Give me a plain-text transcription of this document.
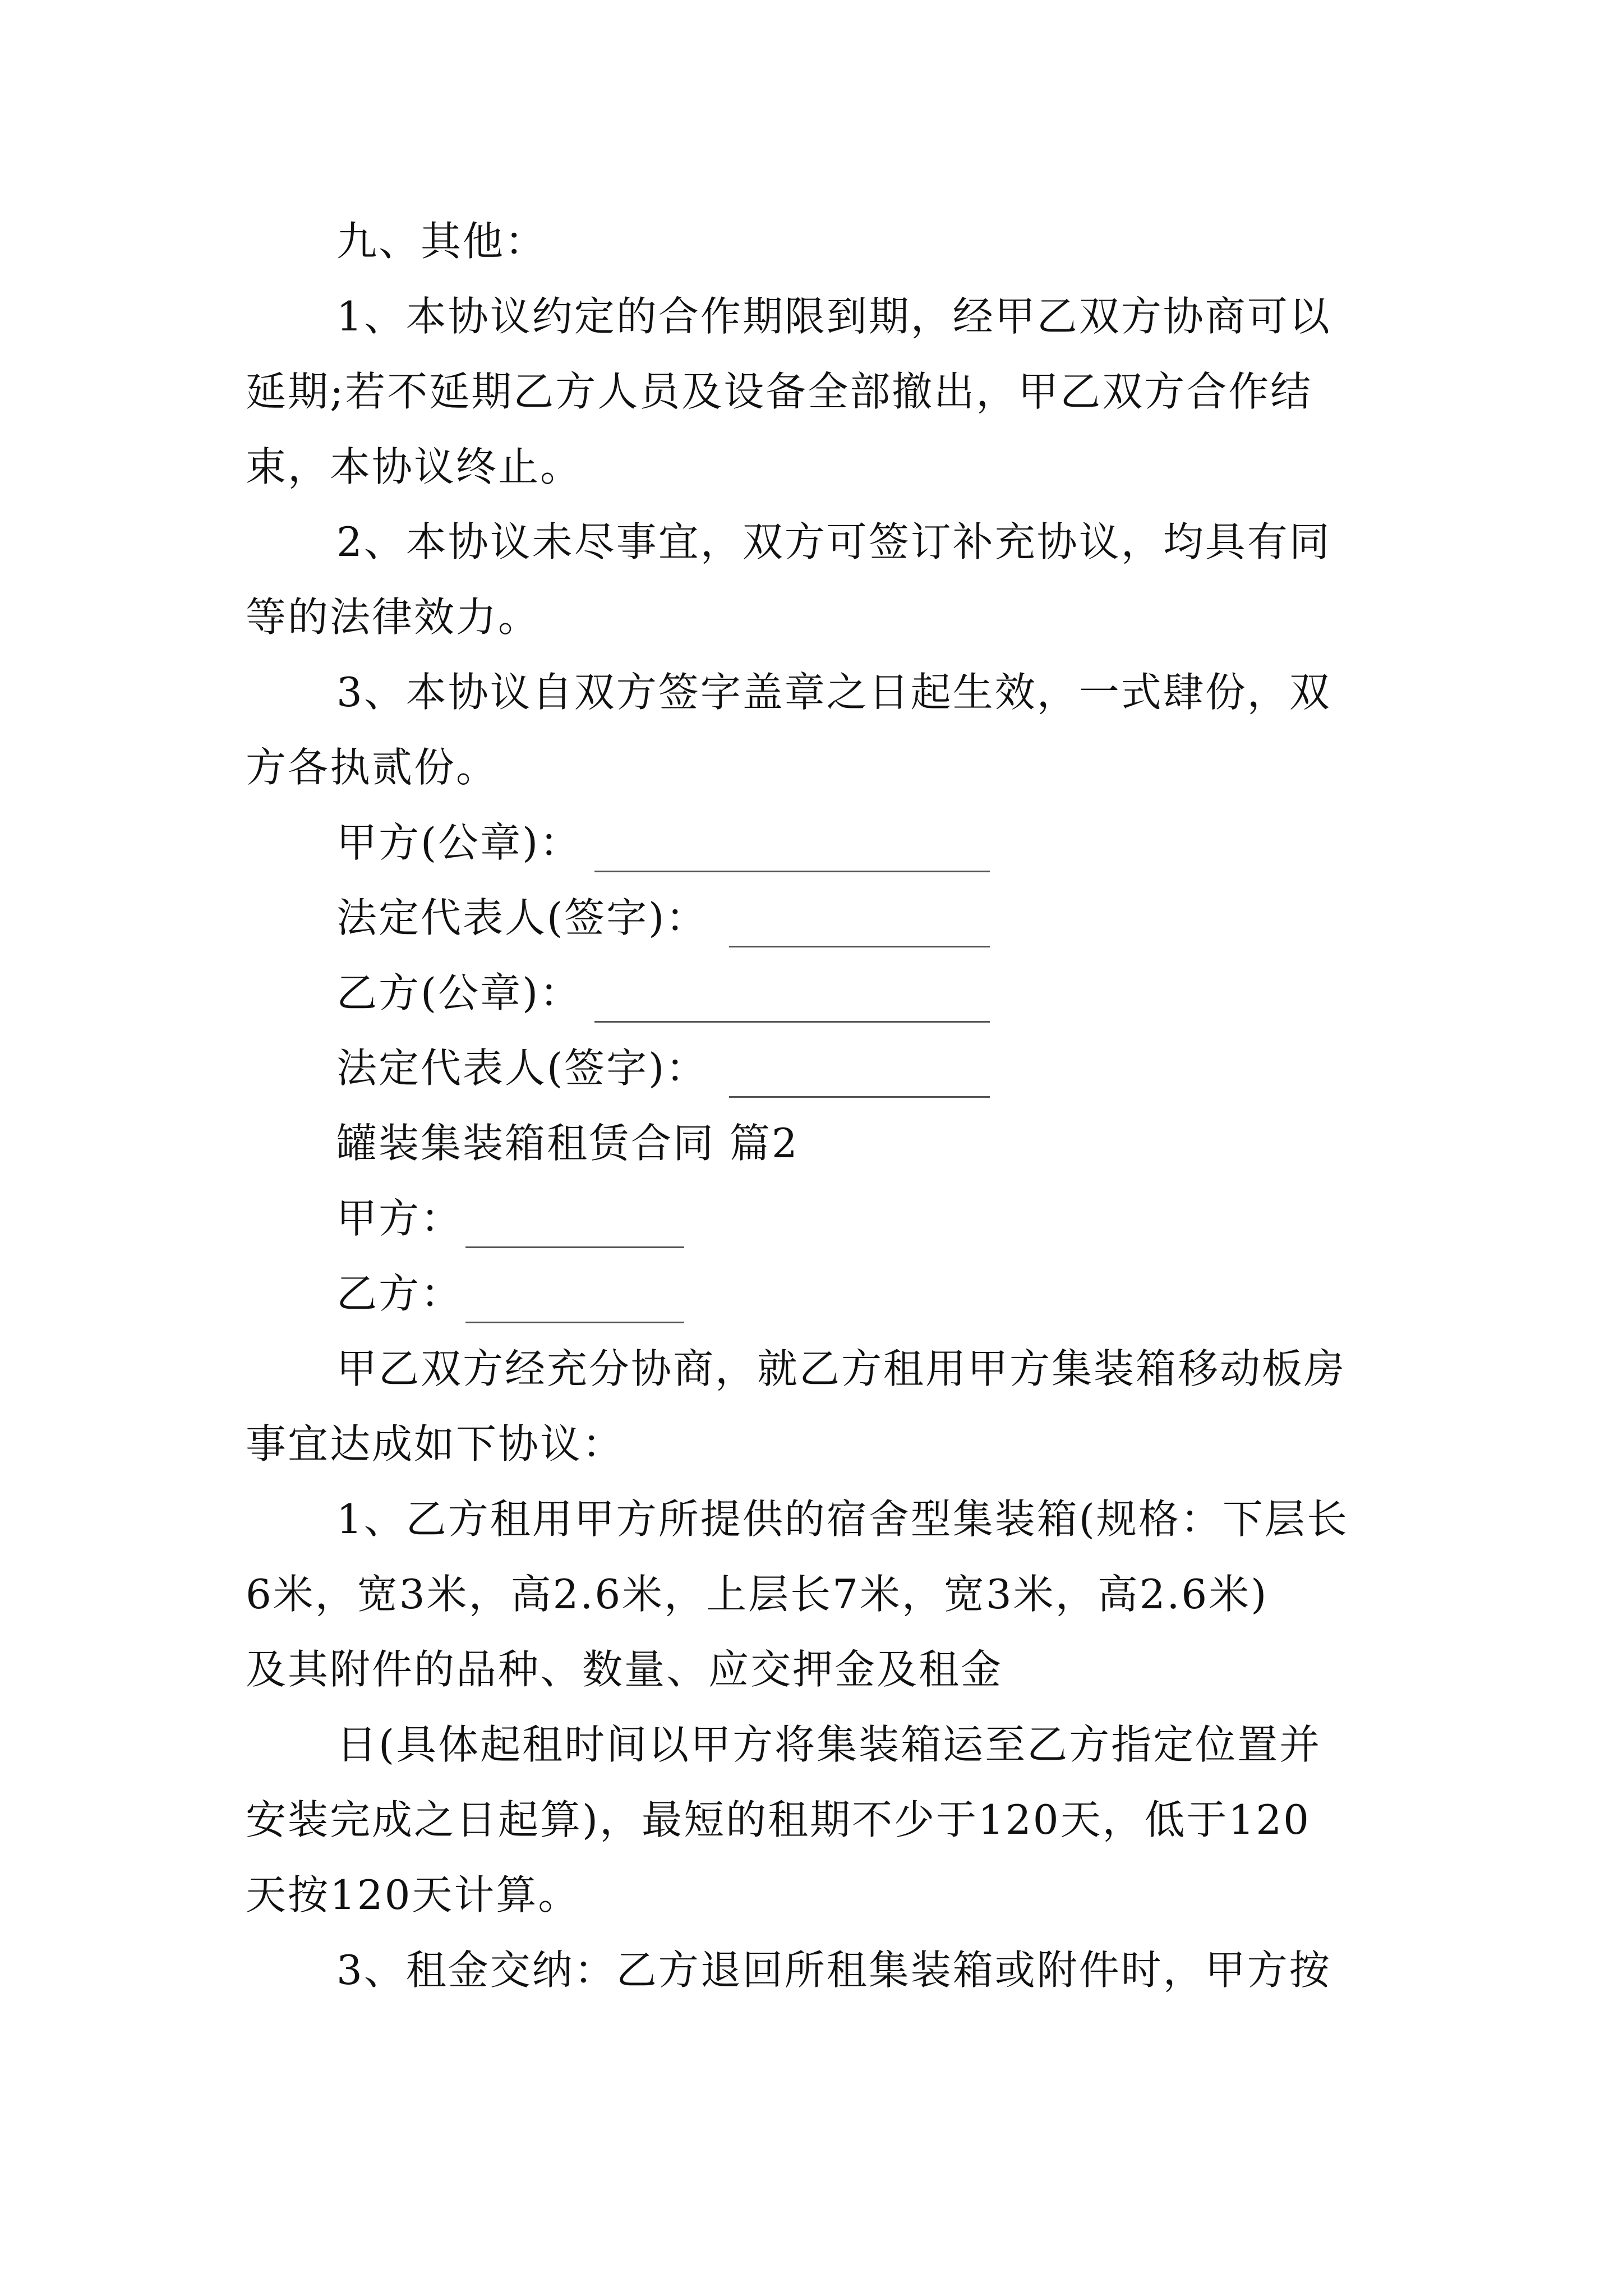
九、其他：
1、本协议约定的合作期限到期，经甲乙双方协商可以
延期;若不延期乙方人员及设备全部撤出，甲乙双方合作结
束，本协议终止。
2、本协议未尽事宜，双方可签订补充协议，均具有同
等的法律效力。
3、本协议自双方签字盖章之日起生效，一式肆份，双
方各执贰份。
甲方(公章)：
法定代表人(签字)：
乙方(公章)：
法定代表人(签字)：
罐装集装箱租赁合同 篇2
甲方：
乙方：
甲乙双方经充分协商，就乙方租用甲方集装箱移动板房
事宜达成如下协议：
1、乙方租用甲方所提供的宿舍型集装箱(规格：下层长
6米，宽3米，高2.6米，上层长7米，宽3米，高2.6米)
及其附件的品种、数量、应交押金及租金
日(具体起租时间以甲方将集装箱运至乙方指定位置并
安装完成之日起算)，最短的租期不少于120天，低于120
天按120天计算。
3、租金交纳：乙方退回所租集装箱或附件时，甲方按
